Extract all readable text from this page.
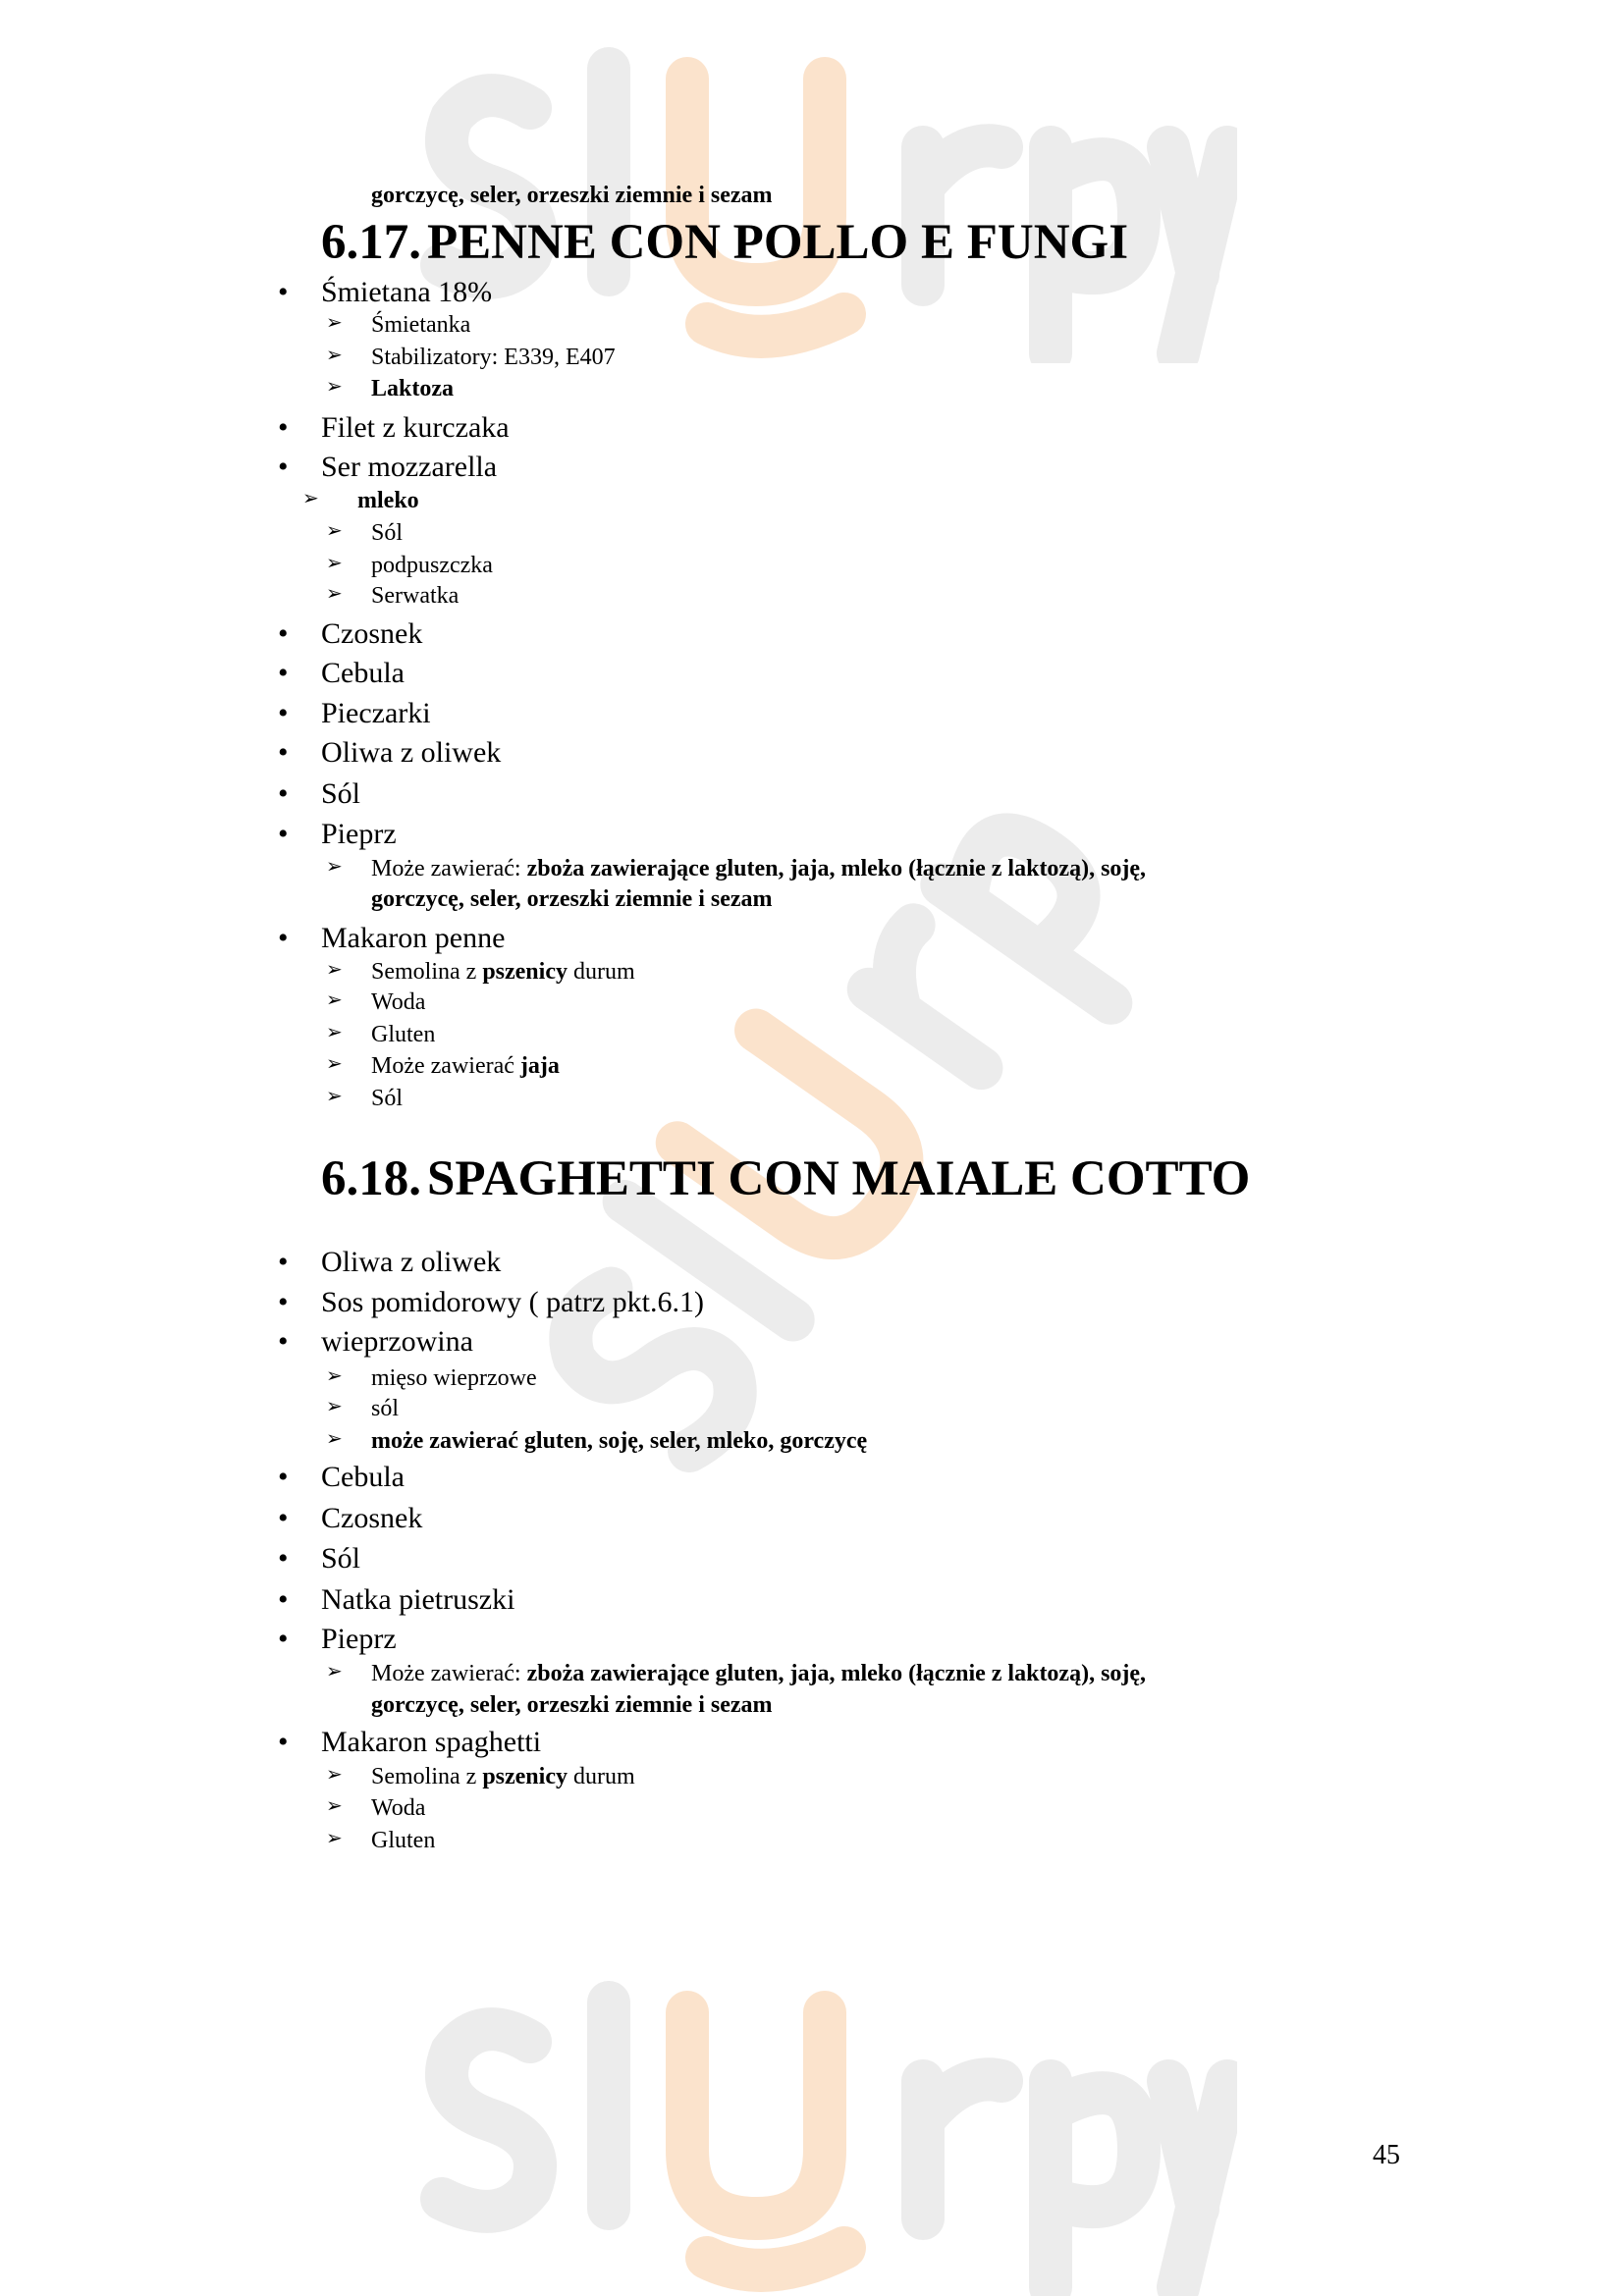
gorczycę, seler, orzeszki ziemnie i sezam
6.17. PENNE CON POLLO E FUNGI
• Śmietana 18%
➢ Śmietanka
➢ Stabilizatory: E339, E407
➢ Laktoza
• Filet z kurczaka
• Ser mozzarella
➢ mleko
➢ Sól
➢ podpuszczka
➢ Serwatka
• Czosnek
• Cebula
• Pieczarki
• Oliwa z oliwek
• Sól
• Pieprz
➢ Może zawierać: zboża zawierające gluten, jaja, mleko (łącznie z laktozą), soję,
gorczycę, seler, orzeszki ziemnie i sezam
• Makaron penne
➢ Semolina z pszenicy durum
➢ Woda
➢ Gluten
➢ Może zawierać jaja
➢ Sól
6.18. SPAGHETTI CON MAIALE COTTO
• Oliwa z oliwek
• Sos pomidorowy ( patrz pkt.6.1)
• wieprzowina
➢ mięso wieprzowe
➢ sól
➢ może zawierać gluten, soję, seler, mleko, gorczycę
• Cebula
• Czosnek
• Sól
• Natka pietruszki
• Pieprz
➢ Może zawierać: zboża zawierające gluten, jaja, mleko (łącznie z laktozą), soję,
gorczycę, seler, orzeszki ziemnie i sezam
• Makaron spaghetti
➢ Semolina z pszenicy durum
➢ Woda
➢ Gluten
45
